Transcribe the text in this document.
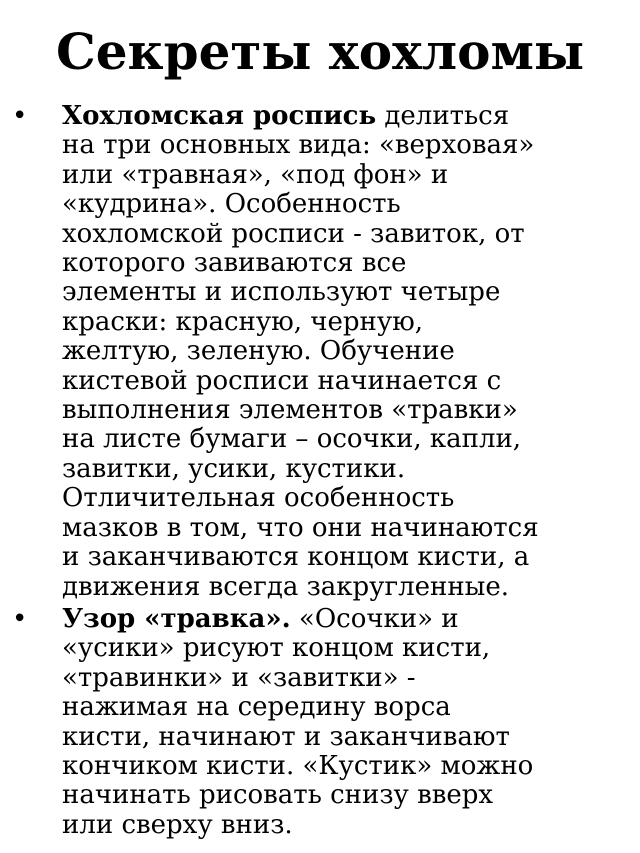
Секреты хохломы
• Хохломская роспись делиться
на три основных вида: «верховая»
или «травная», «под фон» и
«кудрина». Особенность
хохломской росписи - завиток, от
которого завиваются все
элементы и используют четыре
краски: красную, черную,
желтую, зеленую. Обучение
кистевой росписи начинается с
выполнения элементов «травки»
на листе бумаги – осочки, капли,
завитки, усики, кустики.
Отличительная особенность
мазков в том, что они начинаются
и заканчиваются концом кисти, а
движения всегда закругленные.
• Узор «травка». «Осочки» и
«усики» рисуют концом кисти,
«травинки» и «завитки» -
нажимая на середину ворса
кисти, начинают и заканчивают
кончиком кисти. «Кустик» можно
начинать рисовать снизу вверх
или сверху вниз.
